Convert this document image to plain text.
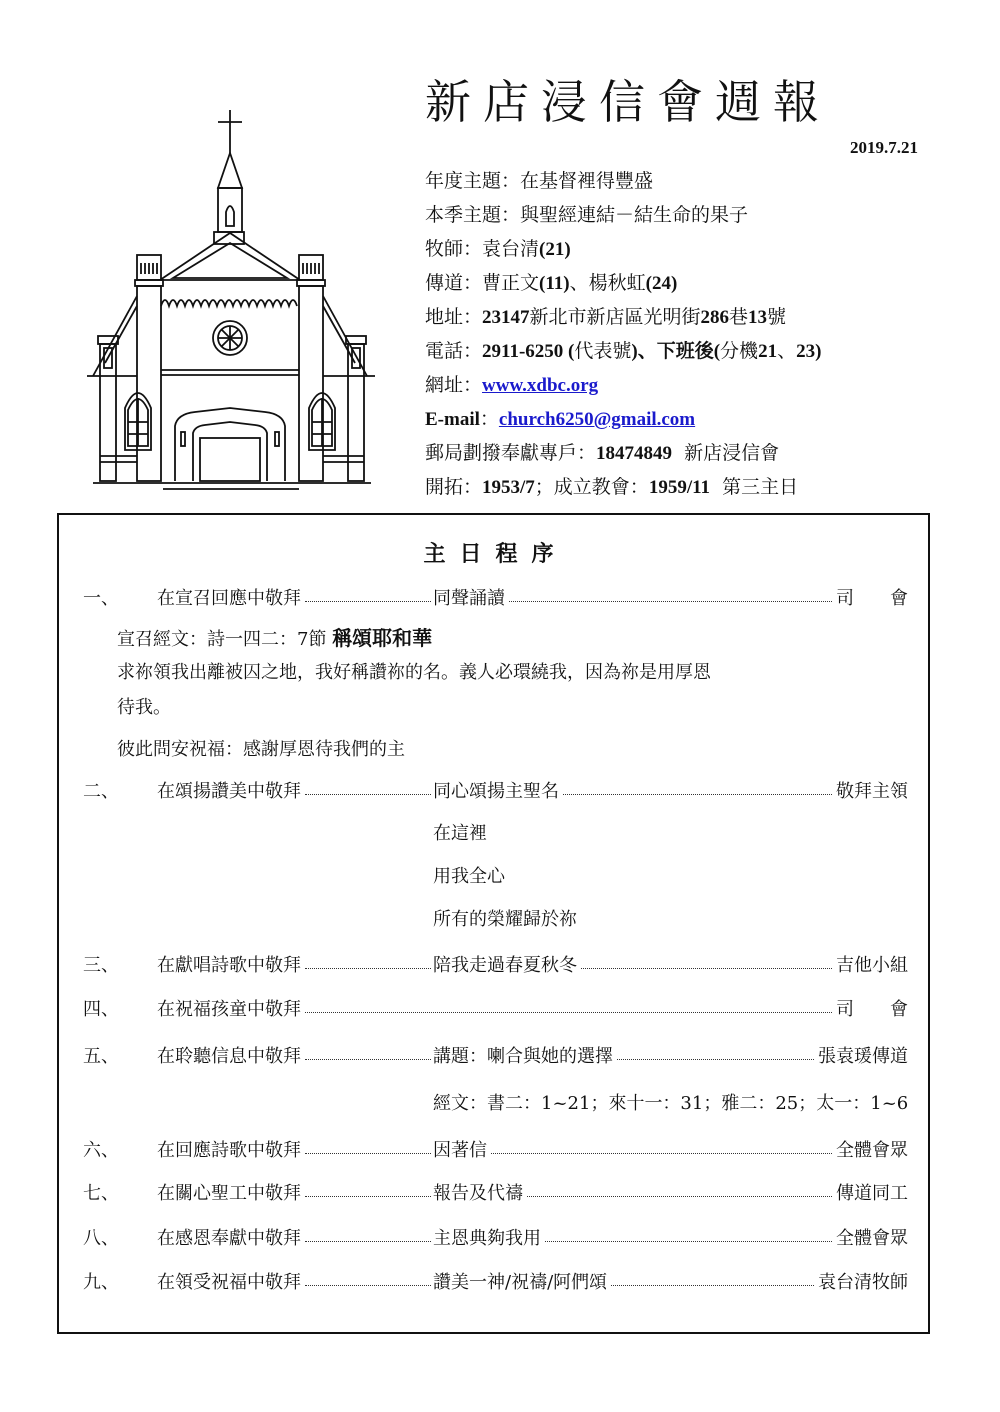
新店浸信會週報
2019.7.21
年度主題：在基督裡得豐盛
本季主題：與聖經連結－結生命的果子
牧師：袁台清(21)
傳道：曹正文(11)、楊秋虹(24)
地址：23147新北市新店區光明街286巷13號
電話：2911-6250 (代表號)、下班後(分機21、23)
網址：www.xdbc.org
E-mail：church6250@gmail.com
郵局劃撥奉獻專戶：18474849 新店浸信會
開拓：1953/7；成立教會：1959/11 第三主日
主日程序
一、 在宣召回應中敬拜	同聲誦讀	司　　會
二、 在頌揚讚美中敬拜	同心頌揚主聖名	敬拜主領
三、 在獻唱詩歌中敬拜	陪我走過春夏秋冬	吉他小組
四、 在祝福孩童中敬拜	司　　會
五、 在聆聽信息中敬拜	講題：喇合與她的選擇	張袁瑗傳道
六、 在回應詩歌中敬拜	因著信	全體會眾
七、 在關心聖工中敬拜	報告及代禱	傳道同工
八、 在感恩奉獻中敬拜	主恩典夠我用	全體會眾
九、 在領受祝福中敬拜	讚美一神/祝禱/阿們頌	袁台清牧師
宣召經文：詩一四二：7節 稱頌耶和華
求祢領我出離被囚之地，我好稱讚祢的名。義人必環繞我，因為祢是用厚恩
待我。
彼此問安祝福：感謝厚恩待我們的主
在這裡
用我全心
所有的榮耀歸於祢
經文：書二：1~21；來十一：31；雅二：25；太一：1~6
